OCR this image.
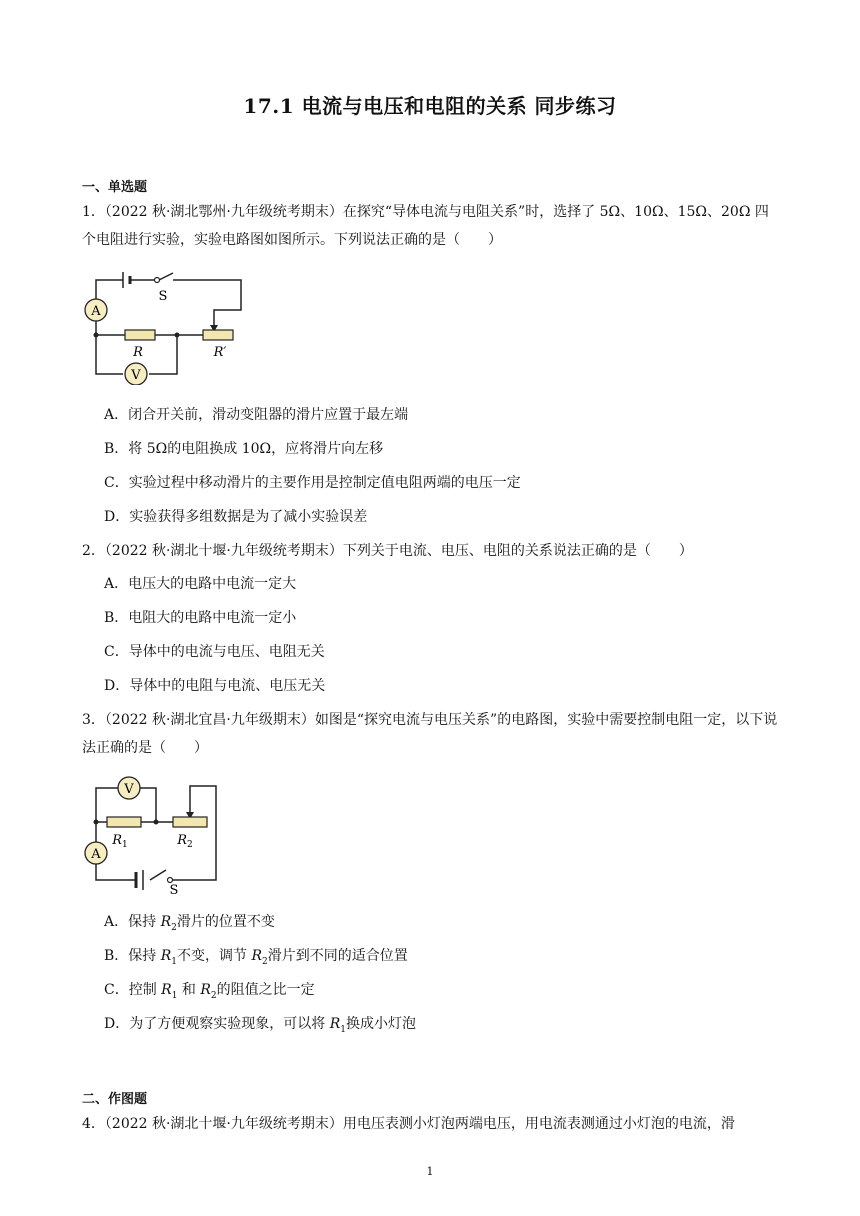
17.1 电流与电压和电阻的关系 同步练习
一、单选题
1．（2022 秋·湖北鄂州·九年级统考期末）在探究“导体电流与电阻关系”时，选择了 5Ω、10Ω、15Ω、20Ω 四个电阻进行实验，实验电路图如图所示。下列说法正确的是（　　）
A
V
S
R	R′
A．闭合开关前，滑动变阻器的滑片应置于最左端
B．将 5Ω的电阻换成 10Ω，应将滑片向左移
C．实验过程中移动滑片的主要作用是控制定值电阻两端的电压一定
D．实验获得多组数据是为了减小实验误差
2．（2022 秋·湖北十堰·九年级统考期末）下列关于电流、电压、电阻的关系说法正确的是（　　）
A．电压大的电路中电流一定大
B．电阻大的电路中电流一定小
C．导体中的电流与电压、电阻无关
D．导体中的电阻与电流、电压无关
3．（2022 秋·湖北宜昌·九年级期末）如图是“探究电流与电压关系”的电路图，实验中需要控制电阻一定，以下说法正确的是（　　）
V
A
$R_1$	$R_2$
S
A．保持 $R_2$滑片的位置不变
B．保持 $R_1$不变，调节 $R_2$滑片到不同的适合位置
C．控制 $R_1$ 和 $R_2$的阻值之比一定
D．为了方便观察实验现象，可以将 $R_1$换成小灯泡
二、作图题
4．（2022 秋·湖北十堰·九年级统考期末）用电压表测小灯泡两端电压，用电流表测通过小灯泡的电流，滑
1
